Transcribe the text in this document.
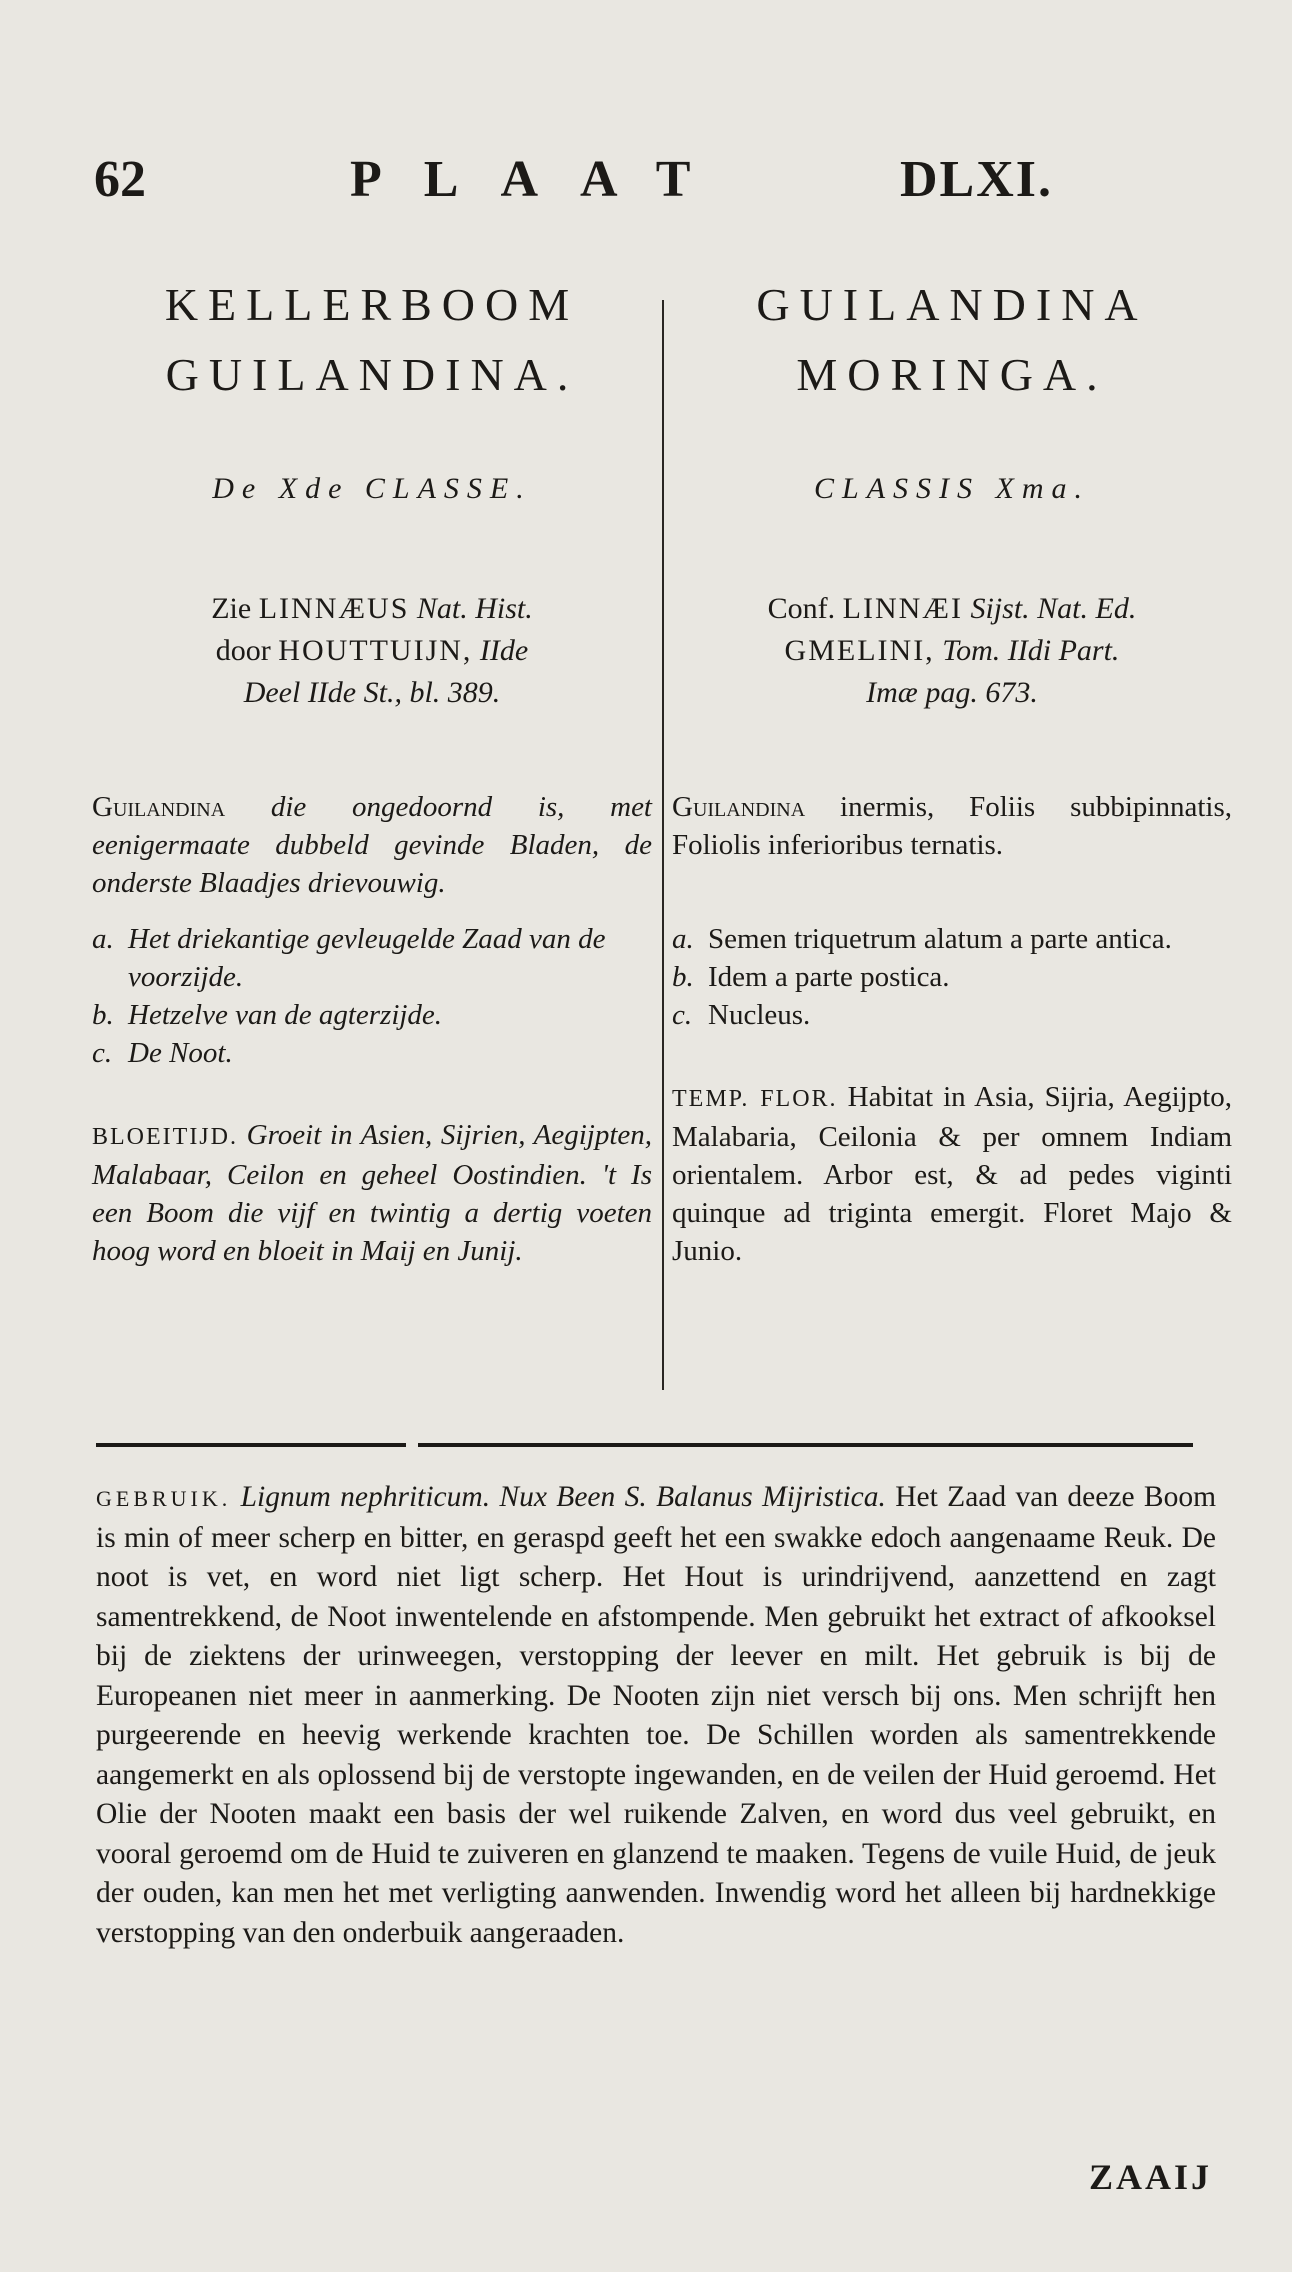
62	PLAAT	DLXI.
KELLERBOOM
GUILANDINA.
De Xde CLASSE.
Zie LINNÆUS Nat. Hist.
door HOUTTUIJN, IIde
Deel IIde St., bl. 389.
Guilandina die ongedoornd is, met eenigermaate dubbeld gevinde Bladen, de onderste Blaadjes drievouwig.
a. Het driekantige gevleugelde Zaad van de voorzijde.
b. Hetzelve van de agterzijde.
c. De Noot.
BLOEITIJD. Groeit in Asien, Sijrien, Aegijpten, Malabaar, Ceilon en geheel Oostindien. 't Is een Boom die vijf en twintig a dertig voeten hoog word en bloeit in Maij en Junij.
GUILANDINA
MORINGA.
CLASSIS Xma.
Conf. LINNÆI Sijst. Nat. Ed.
GMELINI, Tom. IIdi Part.
Imæ pag. 673.
Guilandina inermis, Foliis subbipinnatis, Foliolis inferioribus ternatis.
a. Semen triquetrum alatum a parte antica.
b. Idem a parte postica.
c. Nucleus.
TEMP. FLOR. Habitat in Asia, Sijria, Aegijpto, Malabaria, Ceilonia & per omnem Indiam orientalem. Arbor est, & ad pedes viginti quinque ad triginta emergit. Floret Majo & Junio.
GEBRUIK. Lignum nephriticum. Nux Been S. Balanus Mijristica. Het Zaad van deeze Boom is min of meer scherp en bitter, en geraspd geeft het een swakke edoch aangenaame Reuk. De noot is vet, en word niet ligt scherp. Het Hout is urindrijvend, aanzettend en zagt samentrekkend, de Noot inwentelende en afstompende. Men gebruikt het extract of afkooksel bij de ziektens der urinweegen, verstopping der leever en milt. Het gebruik is bij de Europeanen niet meer in aanmerking. De Nooten zijn niet versch bij ons. Men schrijft hen purgeerende en heevig werkende krachten toe. De Schillen worden als samentrekkende aangemerkt en als oplossend bij de verstopte ingewanden, en de veilen der Huid geroemd. Het Olie der Nooten maakt een basis der wel ruikende Zalven, en word dus veel gebruikt, en vooral geroemd om de Huid te zuiveren en glanzend te maaken. Tegens de vuile Huid, de jeuk der ouden, kan men het met verligting aanwenden. Inwendig word het alleen bij hardnekkige verstopping van den onderbuik aangeraaden.
ZAAIJ
